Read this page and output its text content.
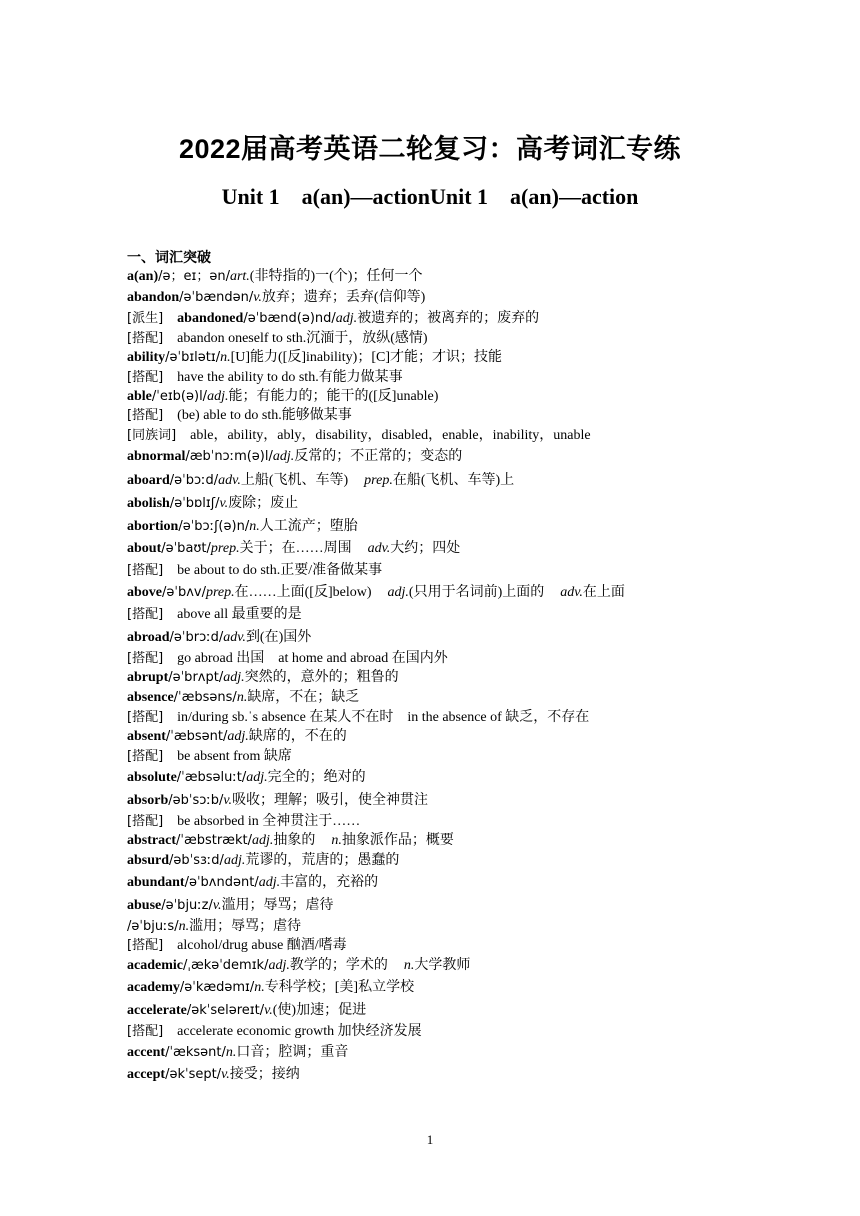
2022届高考英语二轮复习：高考词汇专练
Unit 1　a(an)—actionUnit 1　a(an)—action
一、词汇突破
a(an)/ə；eɪ；ən/art.(非特指的)一(个)；任何一个
abandon/əˈbændən/v.放弃；遗弃；丢弃(信仰等)
[派生] abandoned/əˈbænd(ə)nd/adj.被遗弃的；被离弃的；废弃的
[搭配] abandon oneself to sth.沉湎于，放纵(感情)
ability/əˈbɪlətɪ/n.[U]能力([反]inability)；[C]才能；才识；技能
[搭配] have the ability to do sth.有能力做某事
able/ˈeɪb(ə)l/adj.能；有能力的；能干的([反]unable)
[搭配] (be) able to do sth.能够做某事
[同族词] able，ability，ably，disability，disabled，enable，inability，unable
abnormal/æbˈnɔːm(ə)l/adj.反常的；不正常的；变态的
aboard/əˈbɔːd/adv.上船(飞机、车等) prep.在船(飞机、车等)上
abolish/əˈbɒlɪʃ/v.废除；废止
abortion/əˈbɔːʃ(ə)n/n.人工流产；堕胎
about/əˈbaʊt/prep.关于；在……周围 adv.大约；四处
[搭配] be about to do sth.正要/准备做某事
above/əˈbʌv/prep.在……上面([反]below) adj.(只用于名词前)上面的 adv.在上面
[搭配] above all 最重要的是
abroad/əˈbrɔːd/adv.到(在)国外
[搭配] go abroad 出国　at home and abroad 在国内外
abrupt/əˈbrʌpt/adj.突然的，意外的；粗鲁的
absence/ˈæbsəns/n.缺席，不在；缺乏
[搭配] in/during sb.ˈs absence 在某人不在时　in the absence of 缺乏，不存在
absent/ˈæbsənt/adj.缺席的，不在的
[搭配] be absent from 缺席
absolute/ˈæbsəluːt/adj.完全的；绝对的
absorb/əbˈsɔːb/v.吸收；理解；吸引，使全神贯注
[搭配] be absorbed in 全神贯注于……
abstract/ˈæbstrækt/adj.抽象的 n.抽象派作品；概要
absurd/əbˈsɜːd/adj.荒谬的，荒唐的；愚蠢的
abundant/əˈbʌndənt/adj.丰富的，充裕的
abuse/əˈbjuːz/v.滥用；辱骂；虐待
/əˈbjuːs/n.滥用；辱骂；虐待
[搭配] alcohol/drug abuse 酗酒/嗜毒
academic/ˌækəˈdemɪk/adj.教学的；学术的 n.大学教师
academy/əˈkædəmɪ/n.专科学校；[美]私立学校
accelerate/əkˈseləreɪt/v.(使)加速；促进
[搭配] accelerate economic growth 加快经济发展
accent/ˈæksənt/n.口音；腔调；重音
accept/əkˈsept/v.接受；接纳
1
